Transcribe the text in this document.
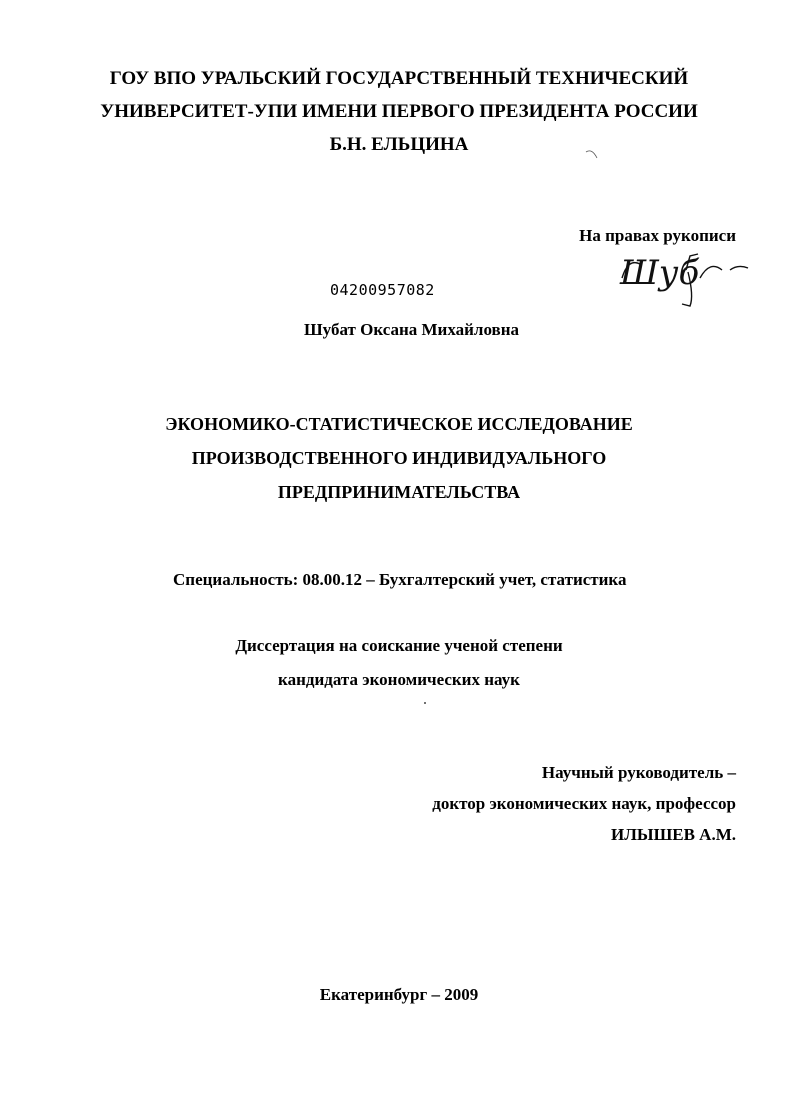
ГОУ ВПО УРАЛЬСКИЙ ГОСУДАРСТВЕННЫЙ ТЕХНИЧЕСКИЙ
УНИВЕРСИТЕТ-УПИ ИМЕНИ ПЕРВОГО ПРЕЗИДЕНТА РОССИИ
Б.Н. ЕЛЬЦИНА
На правах рукописи
Шуб
04200957082
Шубат Оксана Михайловна
ЭКОНОМИКО-СТАТИСТИЧЕСКОЕ ИССЛЕДОВАНИЕ
ПРОИЗВОДСТВЕННОГО ИНДИВИДУАЛЬНОГО
ПРЕДПРИНИМАТЕЛЬСТВА
Специальность: 08.00.12 – Бухгалтерский учет, статистика
Диссертация на соискание ученой степени
кандидата экономических наук
Научный руководитель –
доктор экономических наук, профессор
ИЛЫШЕВ А.М.
Екатеринбург – 2009
